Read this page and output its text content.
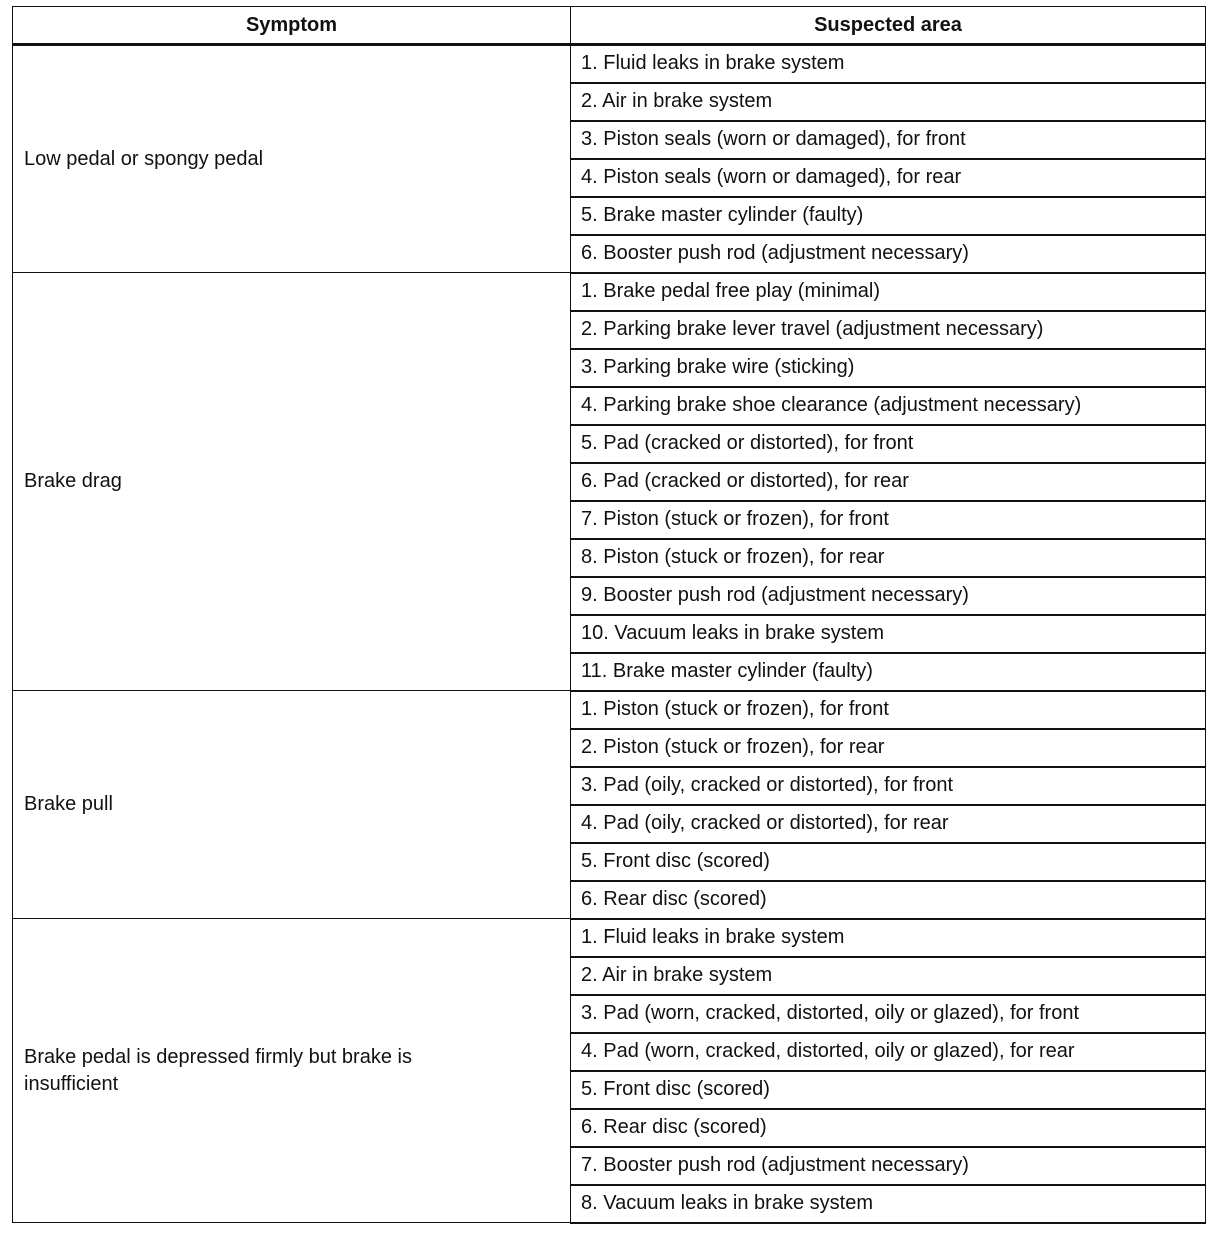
Symptom	Suspected area
Low pedal or spongy pedal	1. Fluid leaks in brake system
	2. Air in brake system
	3. Piston seals (worn or damaged), for front
	4. Piston seals (worn or damaged), for rear
	5. Brake master cylinder (faulty)
	6. Booster push rod (adjustment necessary)
Brake drag	1. Brake pedal free play (minimal)
	2. Parking brake lever travel (adjustment necessary)
	3. Parking brake wire (sticking)
	4. Parking brake shoe clearance (adjustment necessary)
	5. Pad (cracked or distorted), for front
	6. Pad (cracked or distorted), for rear
	7. Piston (stuck or frozen), for front
	8. Piston (stuck or frozen), for rear
	9. Booster push rod (adjustment necessary)
	10. Vacuum leaks in brake system
	11. Brake master cylinder (faulty)
Brake pull	1. Piston (stuck or frozen), for front
	2. Piston (stuck or frozen), for rear
	3. Pad (oily, cracked or distorted), for front
	4. Pad (oily, cracked or distorted), for rear
	5. Front disc (scored)
	6. Rear disc (scored)
Brake pedal is depressed firmly but brake is insufficient	1. Fluid leaks in brake system
	2. Air in brake system
	3. Pad (worn, cracked, distorted, oily or glazed), for front
	4. Pad (worn, cracked, distorted, oily or glazed), for rear
	5. Front disc (scored)
	6. Rear disc (scored)
	7. Booster push rod (adjustment necessary)
	8. Vacuum leaks in brake system
